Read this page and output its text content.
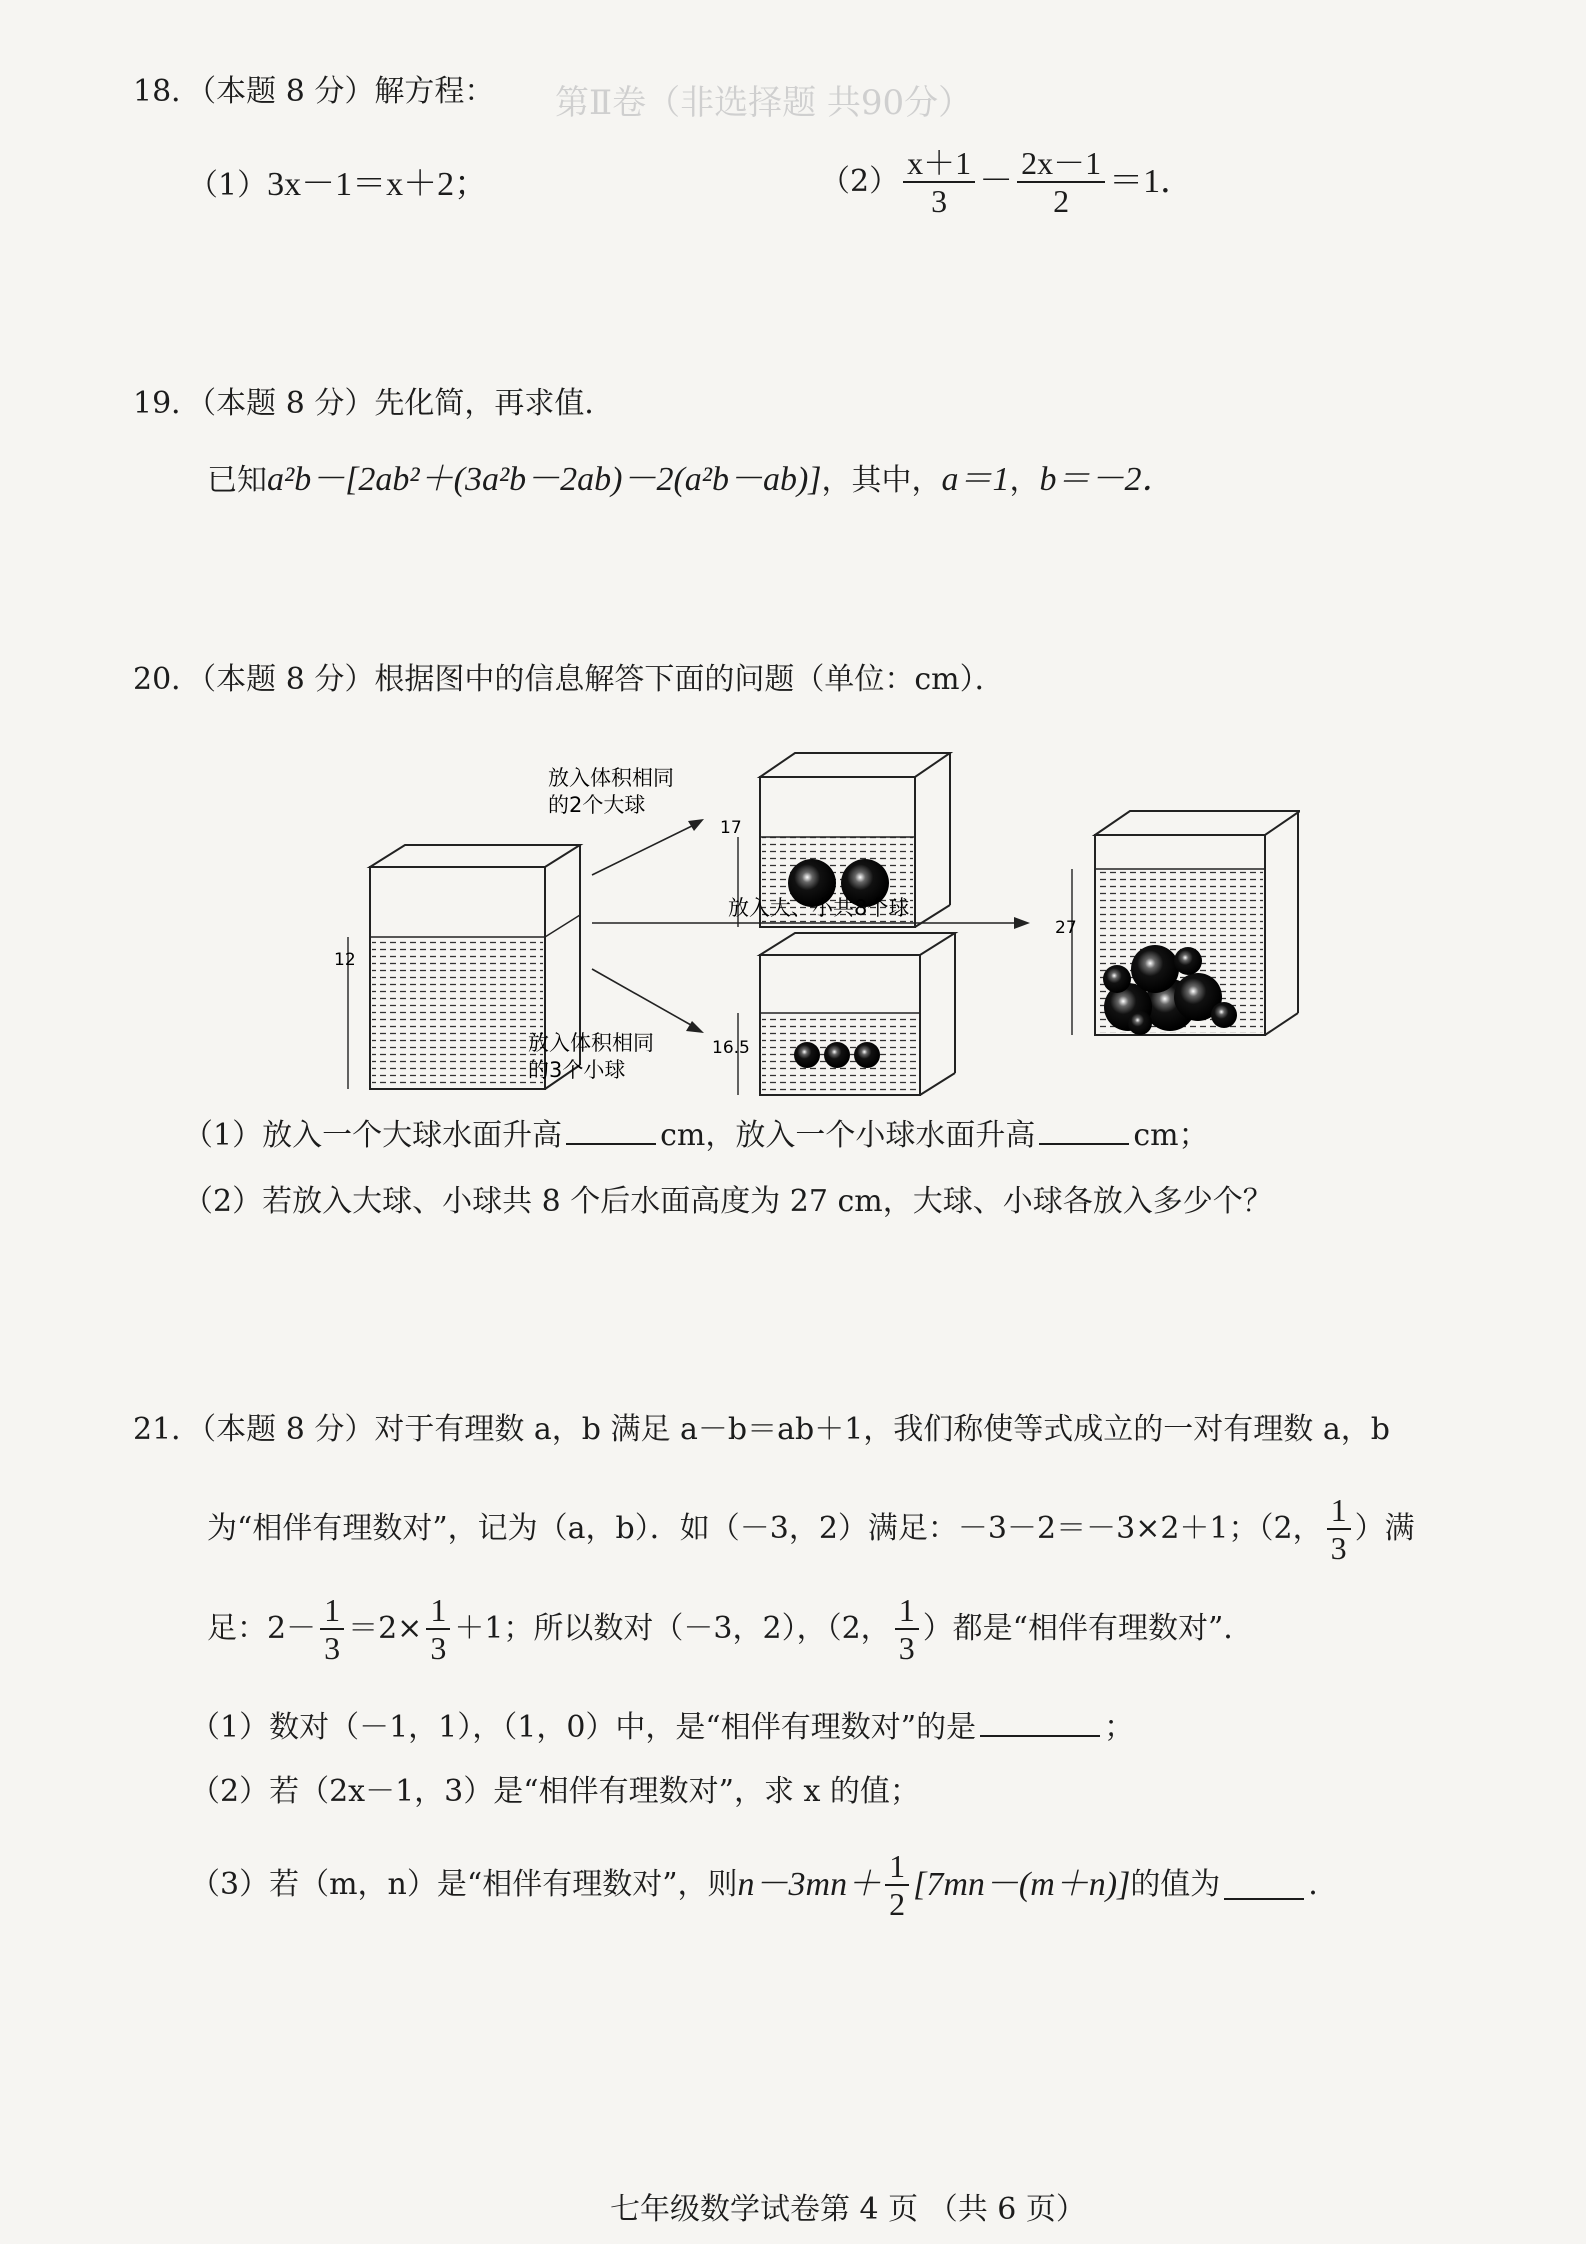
第Ⅱ卷（非选择题 共90分）
18．（本题 8 分）解方程：
（1）3x－1＝x＋2；	$(2) \frac{x+1}{3} - \frac{2x-1}{2} =1$．
19．（本题 8 分）先化简，再求值．
已知a²b－[2ab²＋(3a²b－2ab)－2(a²b－ab)]，其中，a＝1，b＝－2．
20．（本题 8 分）根据图中的信息解答下面的问题（单位：cm）．
12
17
16.5
27
放入体积相同
的2个大球
放入大、小共8个球
放入体积相同
的3个小球
（1）放入一个大球水面升高	cm，放入一个小球水面升高	cm；
（2）若放入大球、小球共 8 个后水面高度为 27 cm，大球、小球各放入多少个？
21．（本题 8 分）对于有理数 a，b 满足 a－b＝ab＋1，我们称使等式成立的一对有理数 a，b
为“相伴有理数对”，记为（a，b）．如（－3，2）满足：－3－2＝－3×2＋1；（2， $\frac{1}{3}$ ）满
足：$2- \frac{1}{3} =2\times \frac{1}{3} +1$；所以数对（－3，2），（2， $\frac{1}{3}$ ）都是“相伴有理数对”．
（1）数对（－1，1），（1，0）中，是“相伴有理数对”的是	；
（2）若（2x－1，3）是“相伴有理数对”，求 x 的值；
（3）若（m，n）是“相伴有理数对”，则 $n-3mn+ \frac{1}{2} [7mn-(m+n)]$ 的值为	．
七年级数学试卷第 4 页 （共 6 页）
